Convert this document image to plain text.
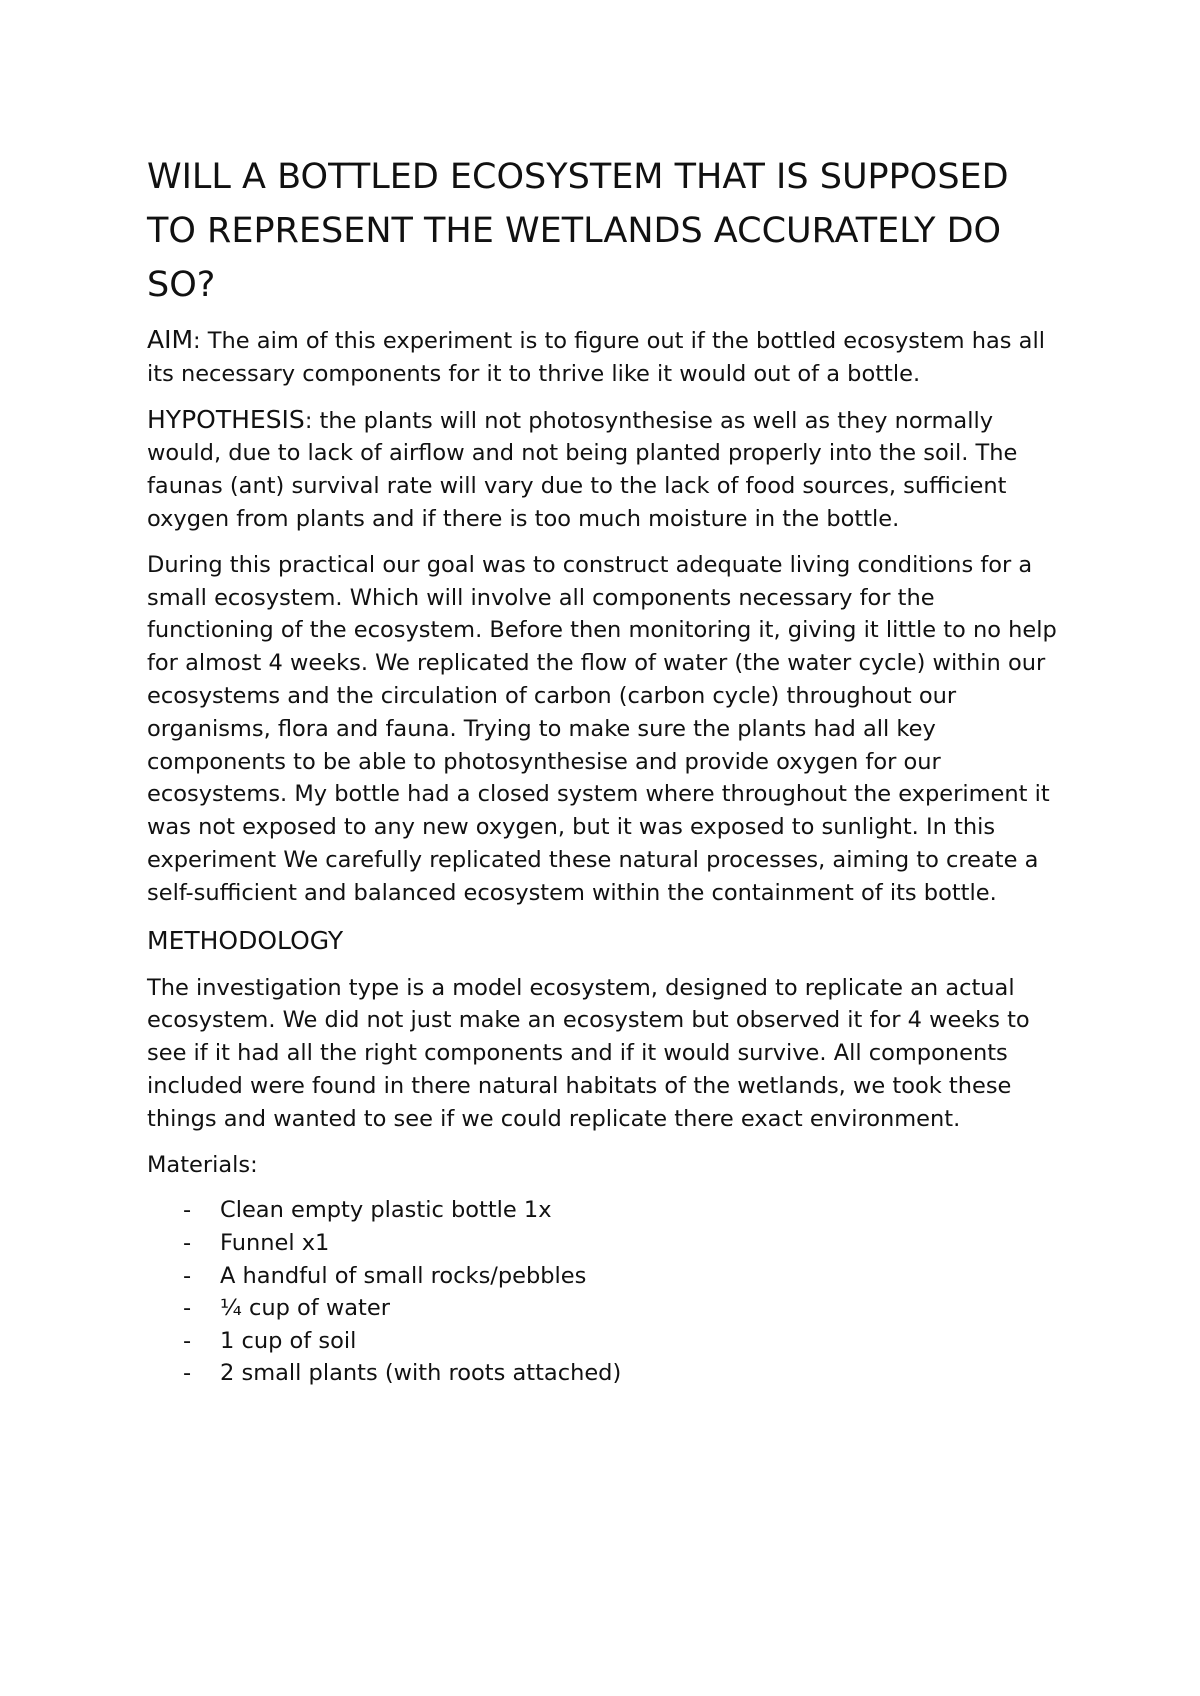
WILL A BOTTLED ECOSYSTEM THAT IS SUPPOSED TO REPRESENT THE WETLANDS ACCURATELY DO SO?

AIM: The aim of this experiment is to figure out if the bottled ecosystem has all its necessary components for it to thrive like it would out of a bottle.

HYPOTHESIS: the plants will not photosynthesise as well as they normally would, due to lack of airflow and not being planted properly into the soil. The faunas (ant) survival rate will vary due to the lack of food sources, sufficient oxygen from plants and if there is too much moisture in the bottle.

During this practical our goal was to construct adequate living conditions for a small ecosystem. Which will involve all components necessary for the functioning of the ecosystem. Before then monitoring it, giving it little to no help for almost 4 weeks. We replicated the flow of water (the water cycle) within our ecosystems and the circulation of carbon (carbon cycle) throughout our organisms, flora and fauna. Trying to make sure the plants had all key components to be able to photosynthesise and provide oxygen for our ecosystems. My bottle had a closed system where throughout the experiment it was not exposed to any new oxygen, but it was exposed to sunlight. In this experiment We carefully replicated these natural processes, aiming to create a self-sufficient and balanced ecosystem within the containment of its bottle.

METHODOLOGY

The investigation type is a model ecosystem, designed to replicate an actual ecosystem. We did not just make an ecosystem but observed it for 4 weeks to see if it had all the right components and if it would survive. All components included were found in there natural habitats of the wetlands, we took these things and wanted to see if we could replicate there exact environment.

Materials:

-	Clean empty plastic bottle 1x
-	Funnel x1
-	A handful of small rocks/pebbles
-	¼ cup of water
-	1 cup of soil
-	2 small plants (with roots attached)
